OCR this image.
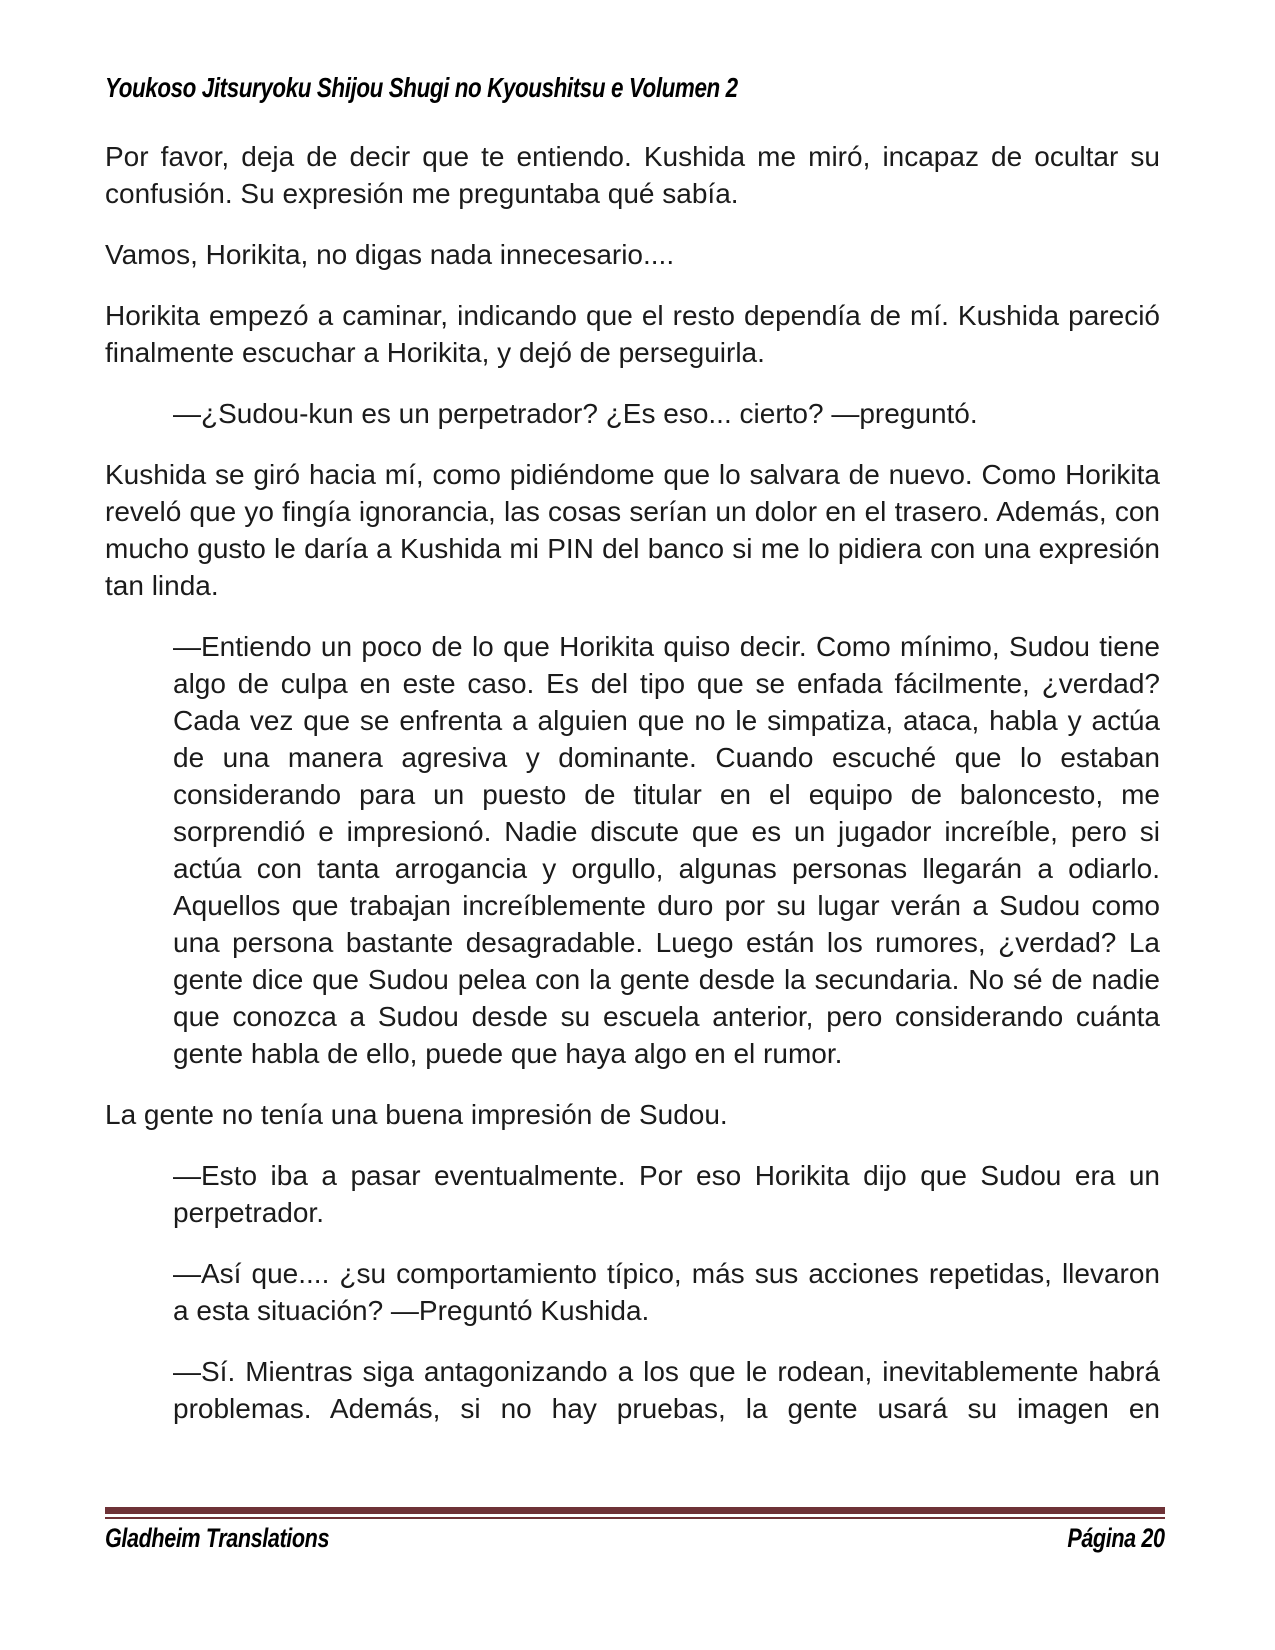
Youkoso Jitsuryoku Shijou Shugi no Kyoushitsu e Volumen 2

Por favor, deja de decir que te entiendo. Kushida me miró, incapaz de ocultar su confusión. Su expresión me preguntaba qué sabía.

Vamos, Horikita, no digas nada innecesario....

Horikita empezó a caminar, indicando que el resto dependía de mí. Kushida pareció finalmente escuchar a Horikita, y dejó de perseguirla.

—¿Sudou-kun es un perpetrador? ¿Es eso... cierto? —preguntó.

Kushida se giró hacia mí, como pidiéndome que lo salvara de nuevo. Como Horikita reveló que yo fingía ignorancia, las cosas serían un dolor en el trasero. Además, con mucho gusto le daría a Kushida mi PIN del banco si me lo pidiera con una expresión tan linda.

—Entiendo un poco de lo que Horikita quiso decir. Como mínimo, Sudou tiene algo de culpa en este caso. Es del tipo que se enfada fácilmente, ¿verdad? Cada vez que se enfrenta a alguien que no le simpatiza, ataca, habla y actúa de una manera agresiva y dominante. Cuando escuché que lo estaban considerando para un puesto de titular en el equipo de baloncesto, me sorprendió e impresionó. Nadie discute que es un jugador increíble, pero si actúa con tanta arrogancia y orgullo, algunas personas llegarán a odiarlo. Aquellos que trabajan increíblemente duro por su lugar verán a Sudou como una persona bastante desagradable. Luego están los rumores, ¿verdad? La gente dice que Sudou pelea con la gente desde la secundaria. No sé de nadie que conozca a Sudou desde su escuela anterior, pero considerando cuánta gente habla de ello, puede que haya algo en el rumor.

La gente no tenía una buena impresión de Sudou.

—Esto iba a pasar eventualmente. Por eso Horikita dijo que Sudou era un perpetrador.

—Así que.... ¿su comportamiento típico, más sus acciones repetidas, llevaron a esta situación? —Preguntó Kushida.

—Sí. Mientras siga antagonizando a los que le rodean, inevitablemente habrá problemas. Además, si no hay pruebas, la gente usará su imagen en

Gladheim Translations	Página 20
